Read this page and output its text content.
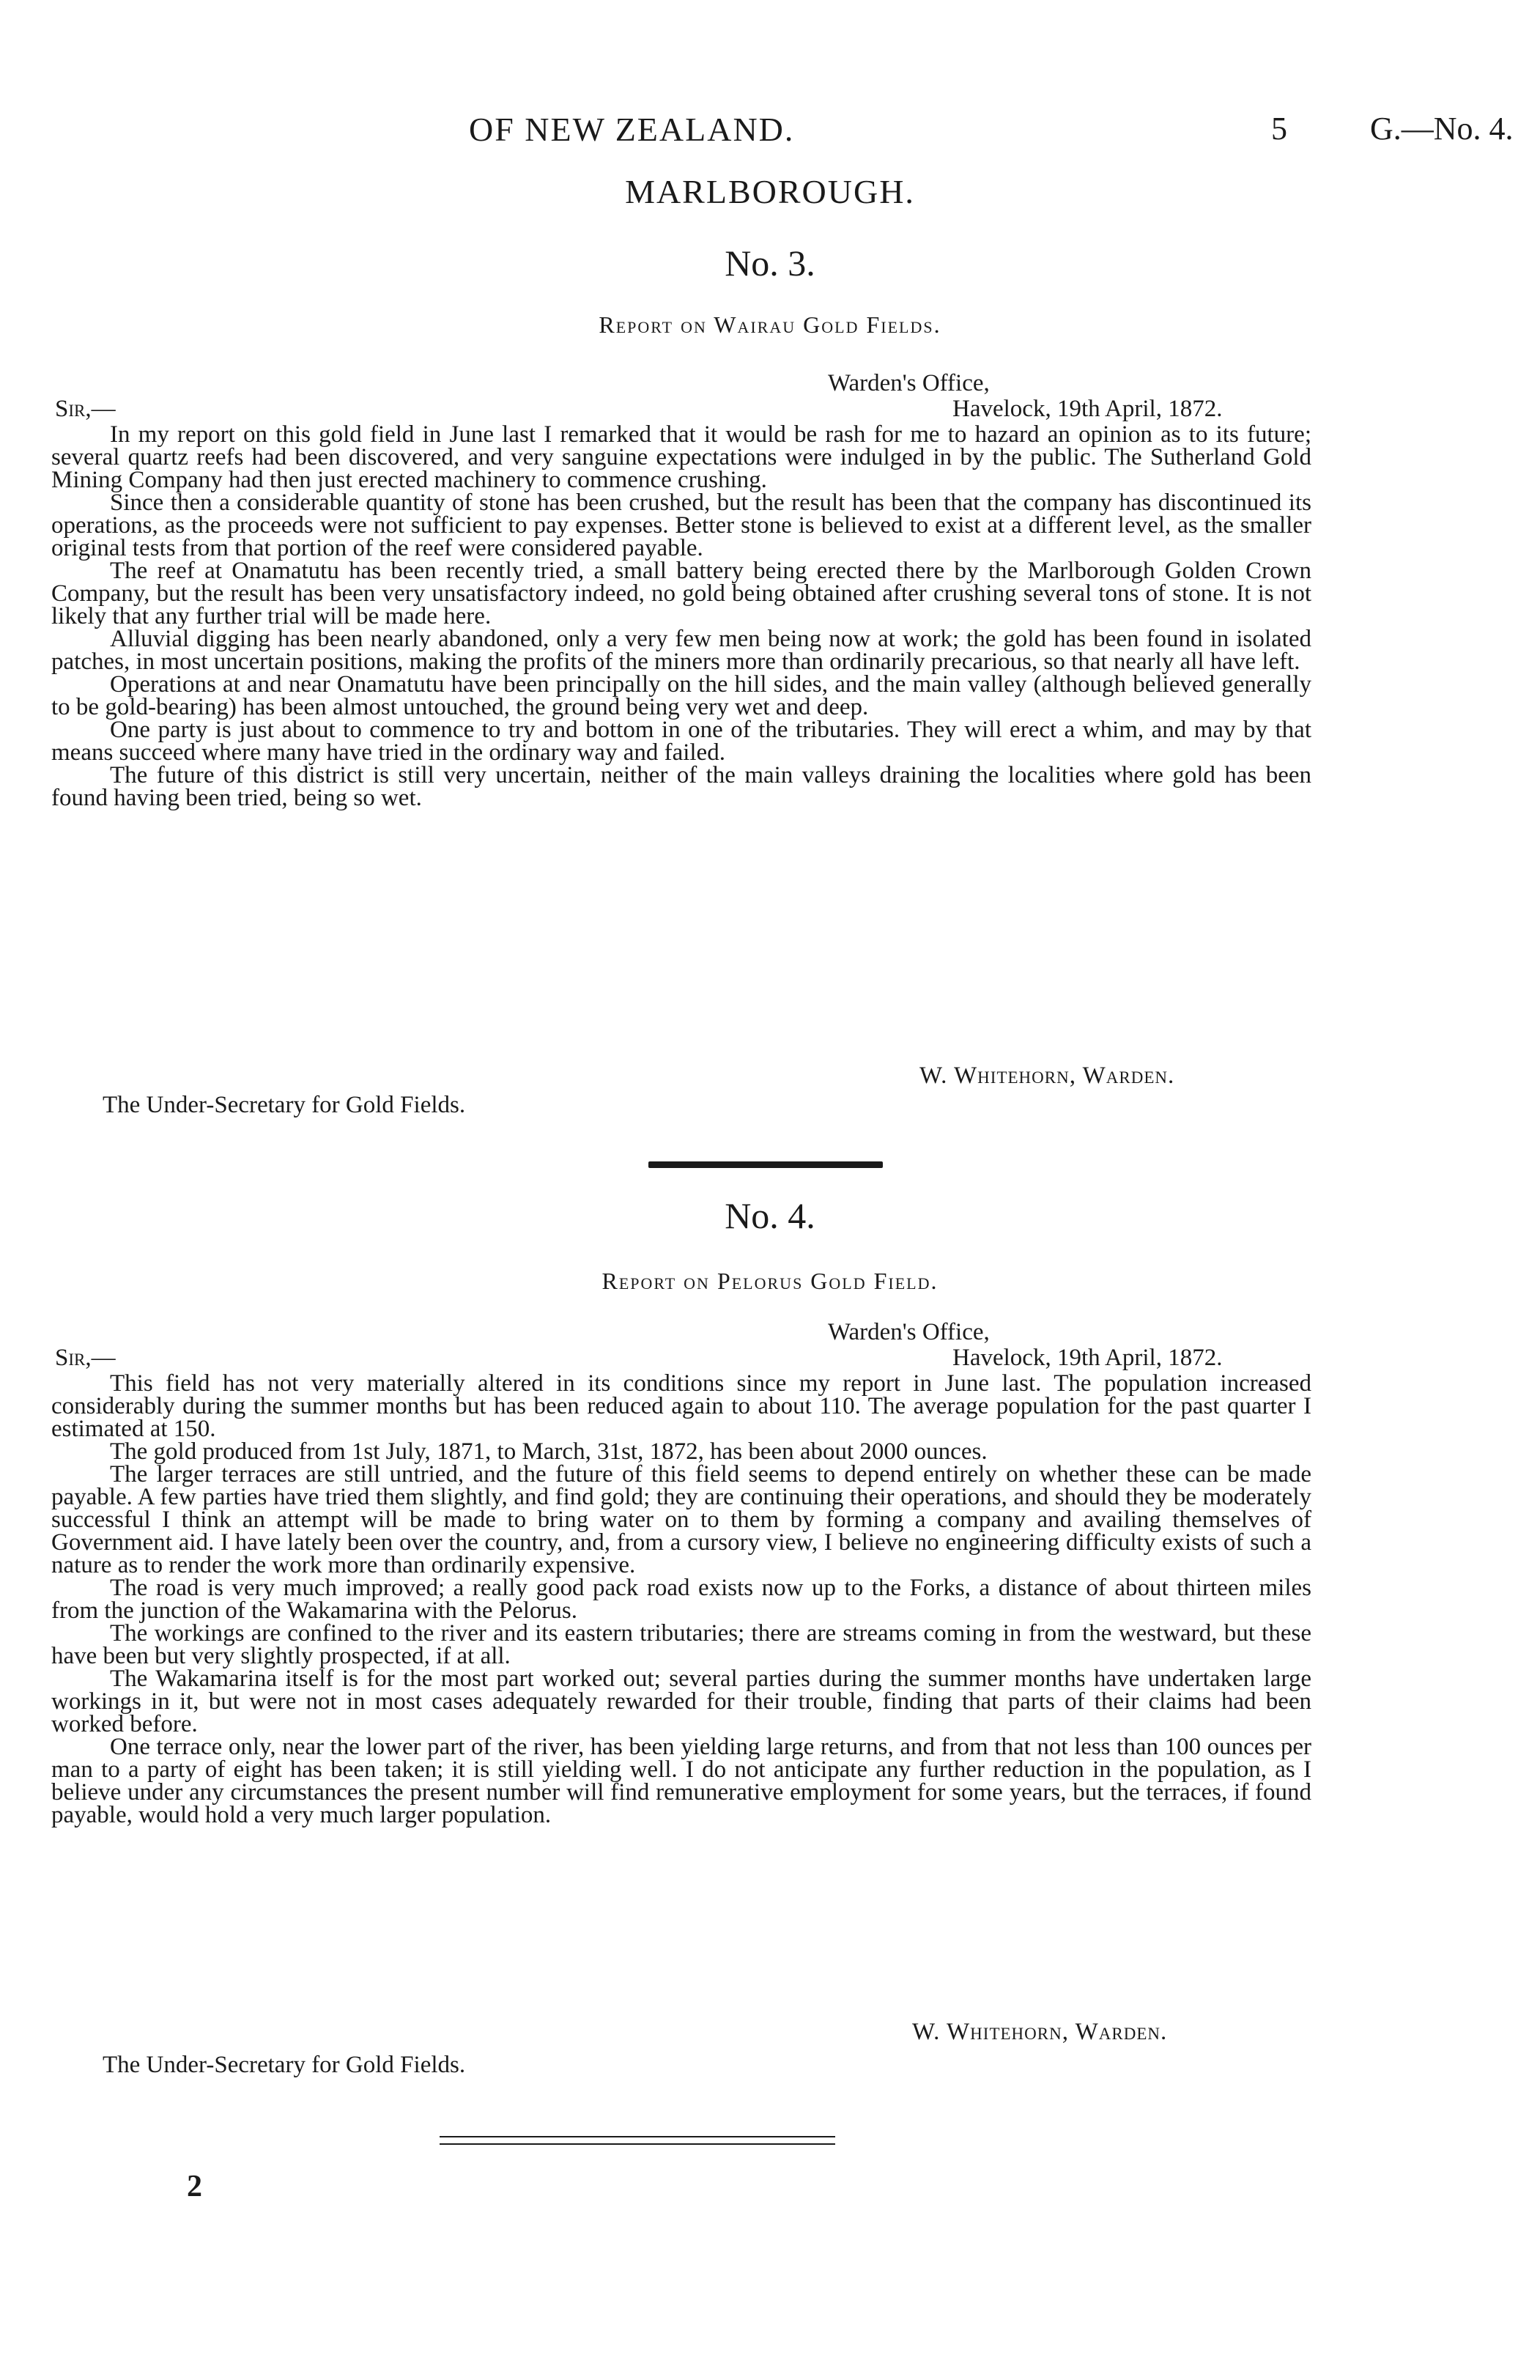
OF NEW ZEALAND.	5	G.—No. 4.
MARLBOROUGH.
No. 3.
Report on Wairau Gold Fields.
Warden's Office,
Sir,—	Havelock, 19th April, 1872.

In my report on this gold field in June last I remarked that it would be rash for me to hazard an opinion as to its future; several quartz reefs had been discovered, and very sanguine expectations were indulged in by the public. The Sutherland Gold Mining Company had then just erected machinery to commence crushing.

Since then a considerable quantity of stone has been crushed, but the result has been that the company has discontinued its operations, as the proceeds were not sufficient to pay expenses. Better stone is believed to exist at a different level, as the smaller original tests from that portion of the reef were considered payable.

The reef at Onamatutu has been recently tried, a small battery being erected there by the Marlborough Golden Crown Company, but the result has been very unsatisfactory indeed, no gold being obtained after crushing several tons of stone. It is not likely that any further trial will be made here.

Alluvial digging has been nearly abandoned, only a very few men being now at work; the gold has been found in isolated patches, in most uncertain positions, making the profits of the miners more than ordinarily precarious, so that nearly all have left.

Operations at and near Onamatutu have been principally on the hill sides, and the main valley (although believed generally to be gold-bearing) has been almost untouched, the ground being very wet and deep.

One party is just about to commence to try and bottom in one of the tributaries. They will erect a whim, and may by that means succeed where many have tried in the ordinary way and failed.

The future of this district is still very uncertain, neither of the main valleys draining the localities where gold has been found having been tried, being so wet.

W. Whitehorn, Warden.
The Under-Secretary for Gold Fields.
No. 4.
Report on Pelorus Gold Field.
Warden's Office,
Sir,—	Havelock, 19th April, 1872.

This field has not very materially altered in its conditions since my report in June last. The population increased considerably during the summer months but has been reduced again to about 110. The average population for the past quarter I estimated at 150.

The gold produced from 1st July, 1871, to March, 31st, 1872, has been about 2000 ounces.

The larger terraces are still untried, and the future of this field seems to depend entirely on whether these can be made payable. A few parties have tried them slightly, and find gold; they are continuing their operations, and should they be moderately successful I think an attempt will be made to bring water on to them by forming a company and availing themselves of Government aid. I have lately been over the country, and, from a cursory view, I believe no engineering difficulty exists of such a nature as to render the work more than ordinarily expensive.

The road is very much improved; a really good pack road exists now up to the Forks, a distance of about thirteen miles from the junction of the Wakamarina with the Pelorus.

The workings are confined to the river and its eastern tributaries; there are streams coming in from the westward, but these have been but very slightly prospected, if at all.

The Wakamarina itself is for the most part worked out; several parties during the summer months have undertaken large workings in it, but were not in most cases adequately rewarded for their trouble, finding that parts of their claims had been worked before.

One terrace only, near the lower part of the river, has been yielding large returns, and from that not less than 100 ounces per man to a party of eight has been taken; it is still yielding well. I do not anticipate any further reduction in the population, as I believe under any circumstances the present number will find remunerative employment for some years, but the terraces, if found payable, would hold a very much larger population.

W. Whitehorn, Warden.
The Under-Secretary for Gold Fields.
2
